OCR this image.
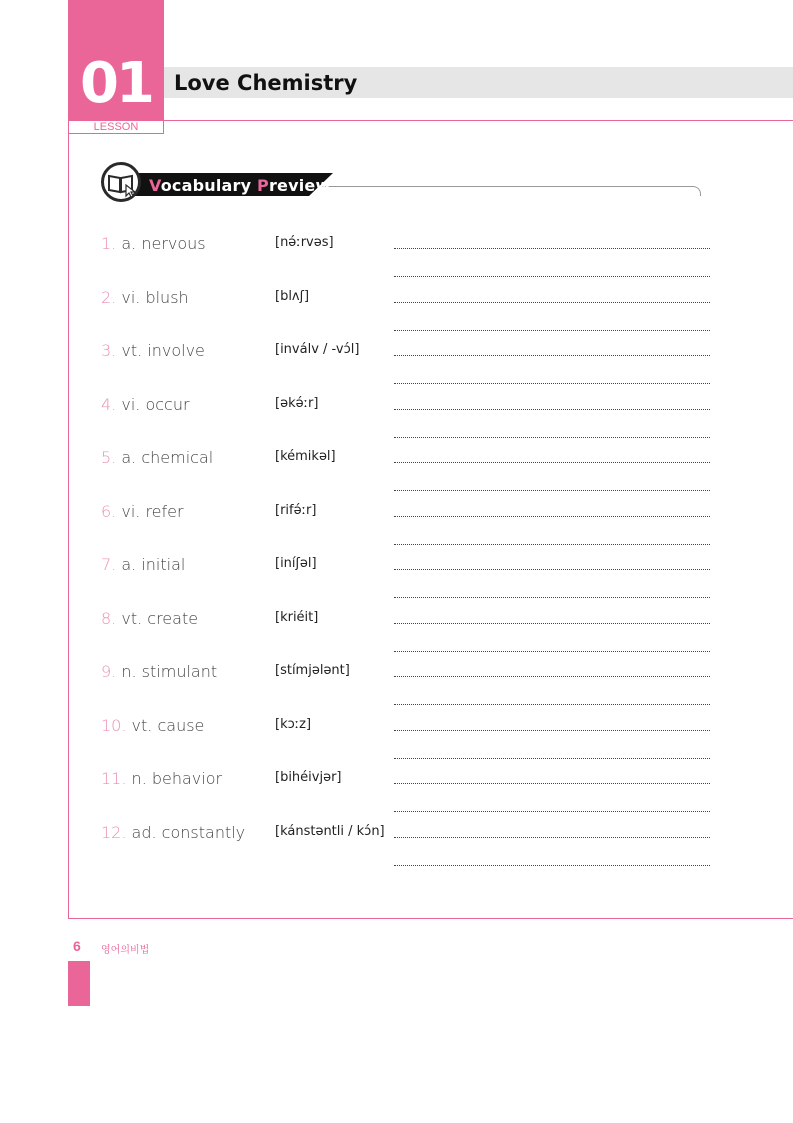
01
LESSON
Love Chemistry
Vocabulary Preview
1. a. nervous	[nə́ːrvəs]
2. vi. blush	[blʌʃ]
3. vt. involve	[inválv / -vɔ́l]
4. vi. occur	[əkə́ːr]
5. a. chemical	[kémikəl]
6. vi. refer	[rifə́ːr]
7. a. initial	[iníʃəl]
8. vt. create	[kriéit]
9. n. stimulant	[stímjələnt]
10. vt. cause	[kɔːz]
11. n. behavior	[bihéivjər]
12. ad. constantly [kánstəntli / kɔ́n]
6 영어의비법
